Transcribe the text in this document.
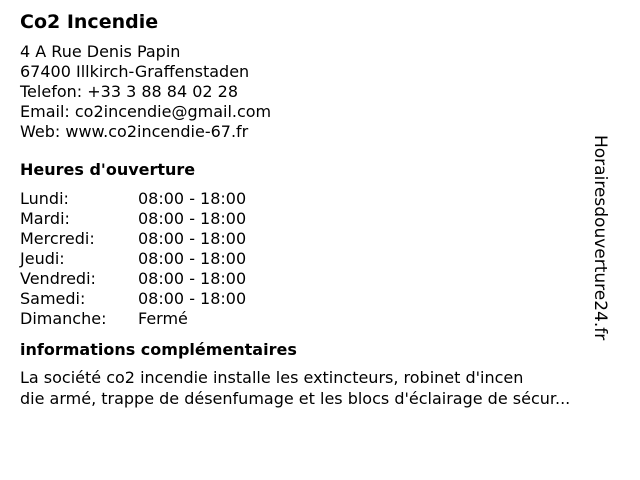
Co2 Incendie
4 A Rue Denis Papin
67400 Illkirch-Graffenstaden
Telefon: +33 3 88 84 02 28
Email: co2incendie@gmail.com
Web: www.co2incendie-67.fr
Heures d'ouverture
Lundi:	08:00 - 18:00
Mardi:	08:00 - 18:00
Mercredi:	08:00 - 18:00
Jeudi:	08:00 - 18:00
Vendredi:	08:00 - 18:00
Samedi:	08:00 - 18:00
Dimanche:	Fermé
informations complémentaires
La société co2 incendie installe les extincteurs, robinet d'incen
die armé, trappe de désenfumage et les blocs d'éclairage de sécur...
Horairesdouverture24.fr
